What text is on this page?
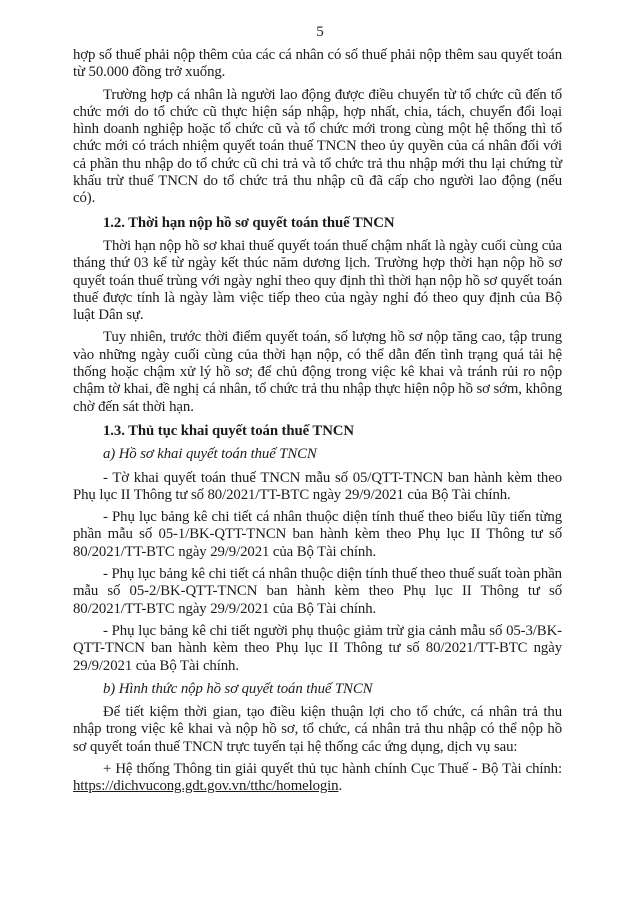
5

hợp số thuế phải nộp thêm của các cá nhân có số thuế phải nộp thêm sau quyết toán từ 50.000 đồng trở xuống.

Trường hợp cá nhân là người lao động được điều chuyển từ tổ chức cũ đến tổ chức mới do tổ chức cũ thực hiện sáp nhập, hợp nhất, chia, tách, chuyển đổi loại hình doanh nghiệp hoặc tổ chức cũ và tổ chức mới trong cùng một hệ thống thì tổ chức mới có trách nhiệm quyết toán thuế TNCN theo ủy quyền của cá nhân đối với cả phần thu nhập do tổ chức cũ chi trả và tổ chức trả thu nhập mới thu lại chứng từ khấu trừ thuế TNCN do tổ chức trả thu nhập cũ đã cấp cho người lao động (nếu có).

1.2. Thời hạn nộp hồ sơ quyết toán thuế TNCN

Thời hạn nộp hồ sơ khai thuế quyết toán thuế chậm nhất là ngày cuối cùng của tháng thứ 03 kể từ ngày kết thúc năm dương lịch. Trường hợp thời hạn nộp hồ sơ quyết toán thuế trùng với ngày nghỉ theo quy định thì thời hạn nộp hồ sơ quyết toán thuế được tính là ngày làm việc tiếp theo của ngày nghỉ đó theo quy định của Bộ luật Dân sự.

Tuy nhiên, trước thời điểm quyết toán, số lượng hồ sơ nộp tăng cao, tập trung vào những ngày cuối cùng của thời hạn nộp, có thể dẫn đến tình trạng quá tải hệ thống hoặc chậm xử lý hồ sơ; để chủ động trong việc kê khai và tránh rủi ro nộp chậm tờ khai, đề nghị cá nhân, tổ chức trả thu nhập thực hiện nộp hồ sơ sớm, không chờ đến sát thời hạn.

1.3. Thủ tục khai quyết toán thuế TNCN
a) Hồ sơ khai quyết toán thuế TNCN

- Tờ khai quyết toán thuế TNCN mẫu số 05/QTT-TNCN ban hành kèm theo Phụ lục II Thông tư số 80/2021/TT-BTC ngày 29/9/2021 của Bộ Tài chính.

- Phụ lục bảng kê chi tiết cá nhân thuộc diện tính thuế theo biểu lũy tiến từng phần mẫu số 05-1/BK-QTT-TNCN ban hành kèm theo Phụ lục II Thông tư số 80/2021/TT-BTC ngày 29/9/2021 của Bộ Tài chính.

- Phụ lục bảng kê chi tiết cá nhân thuộc diện tính thuế theo thuế suất toàn phần mẫu số 05-2/BK-QTT-TNCN ban hành kèm theo Phụ lục II Thông tư số 80/2021/TT-BTC ngày 29/9/2021 của Bộ Tài chính.

- Phụ lục bảng kê chi tiết người phụ thuộc giảm trừ gia cảnh mẫu số 05-3/BK-QTT-TNCN ban hành kèm theo Phụ lục II Thông tư số 80/2021/TT-BTC ngày 29/9/2021 của Bộ Tài chính.

b) Hình thức nộp hồ sơ quyết toán thuế TNCN

Để tiết kiệm thời gian, tạo điều kiện thuận lợi cho tổ chức, cá nhân trả thu nhập trong việc kê khai và nộp hồ sơ, tổ chức, cá nhân trả thu nhập có thể nộp hồ sơ quyết toán thuế TNCN trực tuyến tại hệ thống các ứng dụng, dịch vụ sau:

+ Hệ thống Thông tin giải quyết thủ tục hành chính Cục Thuế - Bộ Tài chính: https://dichvucong.gdt.gov.vn/tthc/homelogin.
